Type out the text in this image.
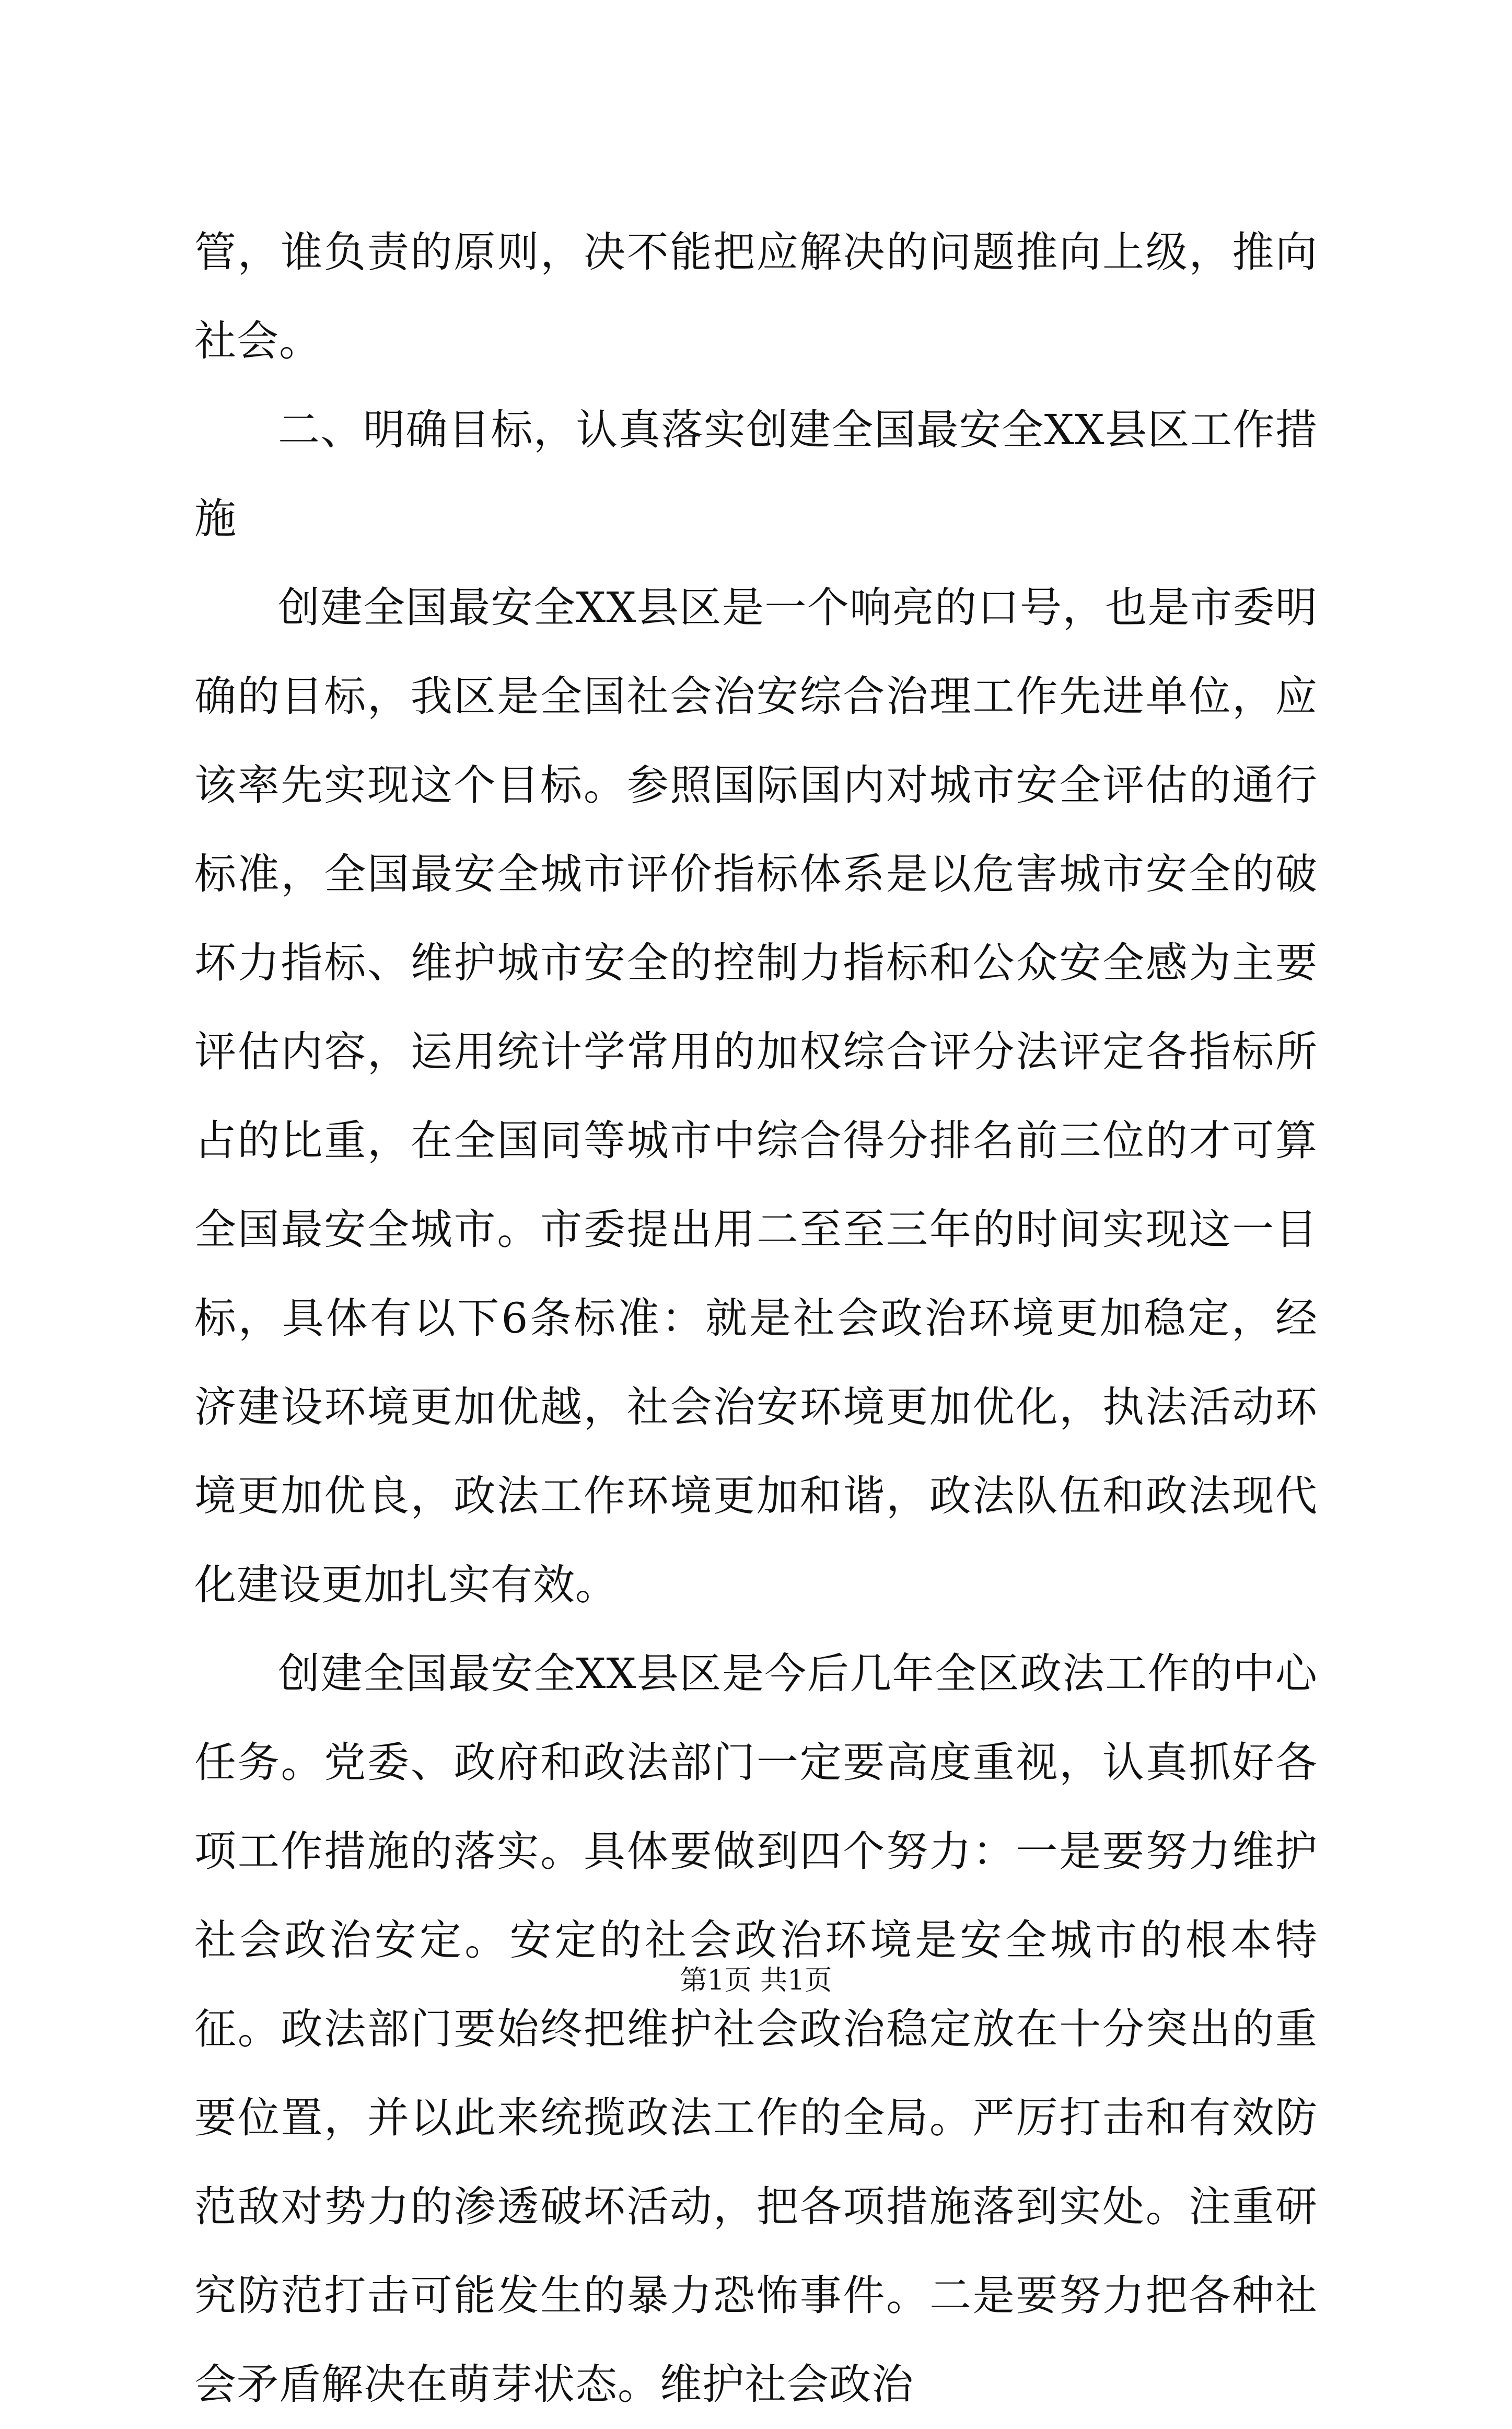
管，谁负责的原则，决不能把应解决的问题推向上级，推向社会。

二、明确目标，认真落实创建全国最安全XX县区工作措施

创建全国最安全XX县区是一个响亮的口号，也是市委明确的目标，我区是全国社会治安综合治理工作先进单位，应该率先实现这个目标。参照国际国内对城市安全评估的通行标准，全国最安全城市评价指标体系是以危害城市安全的破坏力指标、维护城市安全的控制力指标和公众安全感为主要评估内容，运用统计学常用的加权综合评分法评定各指标所占的比重，在全国同等城市中综合得分排名前三位的才可算全国最安全城市。市委提出用二至至三年的时间实现这一目标，具体有以下6条标准：就是社会政治环境更加稳定，经济建设环境更加优越，社会治安环境更加优化，执法活动环境更加优良，政法工作环境更加和谐，政法队伍和政法现代化建设更加扎实有效。

创建全国最安全XX县区是今后几年全区政法工作的中心任务。党委、政府和政法部门一定要高度重视，认真抓好各项工作措施的落实。具体要做到四个努力：一是要努力维护社会政治安定。安定的社会政治环境是安全城市的根本特征。政法部门要始终把维护社会政治稳定放在十分突出的重要位置，并以此来统揽政法工作的全局。严厉打击和有效防范敌对势力的渗透破坏活动，把各项措施落到实处。注重研究防范打击可能发生的暴力恐怖事件。二是要努力把各种社会矛盾解决在萌芽状态。维护社会政治

第1页 共1页
